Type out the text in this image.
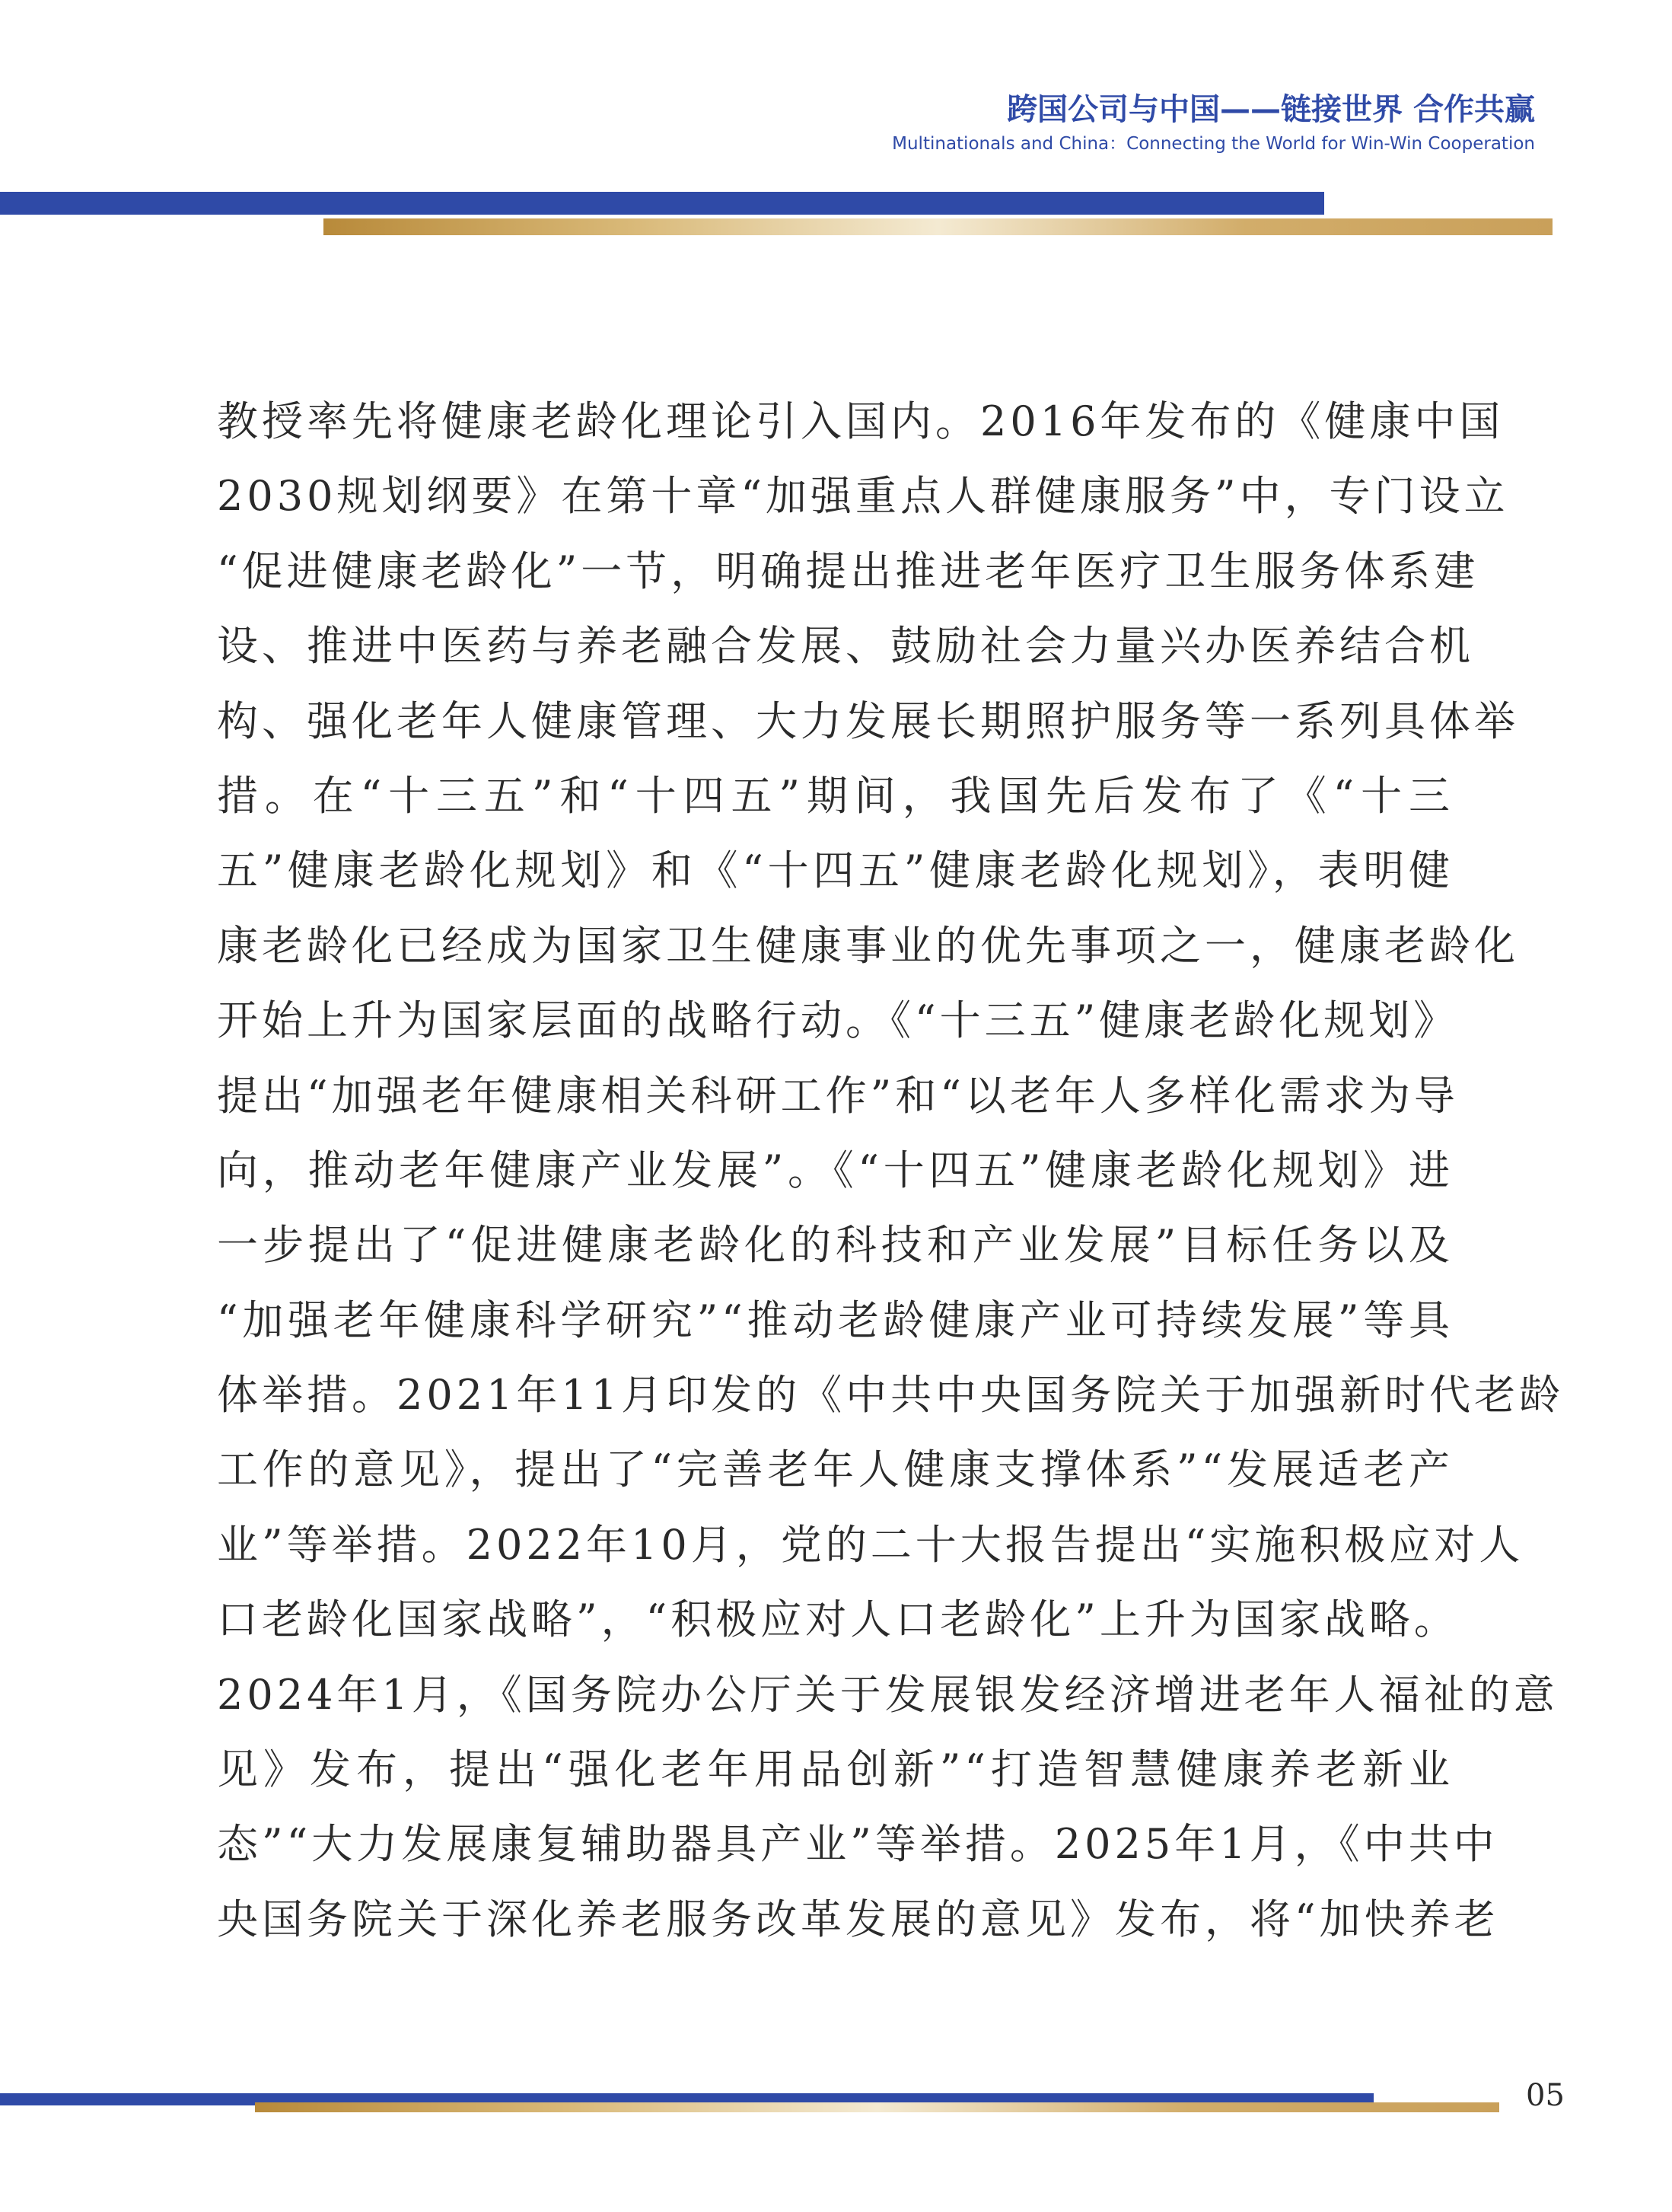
跨国公司与中国——链接世界 合作共赢
Multinationals and China：Connecting the World for Win-Win Cooperation
教授率先将健康老龄化理论引入国内。2016年发布的《健康中国
2030规划纲要》在第十章“加强重点人群健康服务”中，专门设立
“促进健康老龄化”一节，明确提出推进老年医疗卫生服务体系建
设、推进中医药与养老融合发展、鼓励社会力量兴办医养结合机
构、强化老年人健康管理、大力发展长期照护服务等一系列具体举
措。在“十三五”和“十四五”期间，我国先后发布了《“十三
五”健康老龄化规划》和《“十四五”健康老龄化规划》，表明健
康老龄化已经成为国家卫生健康事业的优先事项之一，健康老龄化
开始上升为国家层面的战略行动。《“十三五”健康老龄化规划》
提出“加强老年健康相关科研工作”和“以老年人多样化需求为导
向，推动老年健康产业发展”。《“十四五”健康老龄化规划》进
一步提出了“促进健康老龄化的科技和产业发展”目标任务以及
“加强老年健康科学研究”“推动老龄健康产业可持续发展”等具
体举措。2021年11月印发的《中共中央国务院关于加强新时代老龄
工作的意见》，提出了“完善老年人健康支撑体系”“发展适老产
业”等举措。2022年10月，党的二十大报告提出“实施积极应对人
口老龄化国家战略”，“积极应对人口老龄化”上升为国家战略。
2024年1月，《国务院办公厅关于发展银发经济增进老年人福祉的意
见》发布，提出“强化老年用品创新”“打造智慧健康养老新业
态”“大力发展康复辅助器具产业”等举措。2025年1月，《中共中
央国务院关于深化养老服务改革发展的意见》发布，将“加快养老
05
